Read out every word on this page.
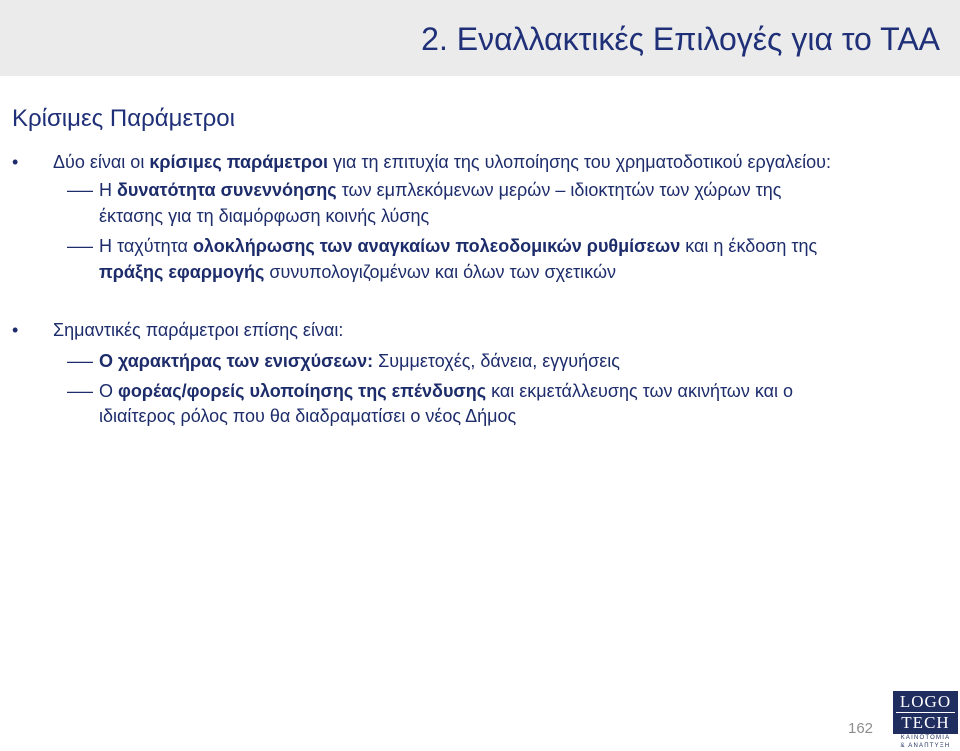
2. Εναλλακτικές Επιλογές για το ΤΑΑ
Κρίσιμες Παράμετροι
• Δύο είναι οι κρίσιμες παράμετροι για τη επιτυχία της υλοποίησης του χρηματοδοτικού εργαλείου:
– Η δυνατότητα συνεννόησης των εμπλεκόμενων μερών – ιδιοκτητών των χώρων της
έκτασης για τη διαμόρφωση κοινής λύσης
– Η ταχύτητα ολοκλήρωσης των αναγκαίων πολεοδομικών ρυθμίσεων και η έκδοση της
πράξης εφαρμογής συνυπολογιζομένων και όλων των σχετικών
• Σημαντικές παράμετροι επίσης είναι:
– Ο χαρακτήρας των ενισχύσεων: Συμμετοχές, δάνεια, εγγυήσεις
– Ο φορέας/φορείς υλοποίησης της επένδυσης και εκμετάλλευσης των ακινήτων και ο
ιδιαίτερος ρόλος που θα διαδραματίσει ο νέος Δήμος
162
LOGO
TECH
ΚΑΙΝΟΤΟΜΙΑ
& ΑΝΑΠΤΥΞΗ
